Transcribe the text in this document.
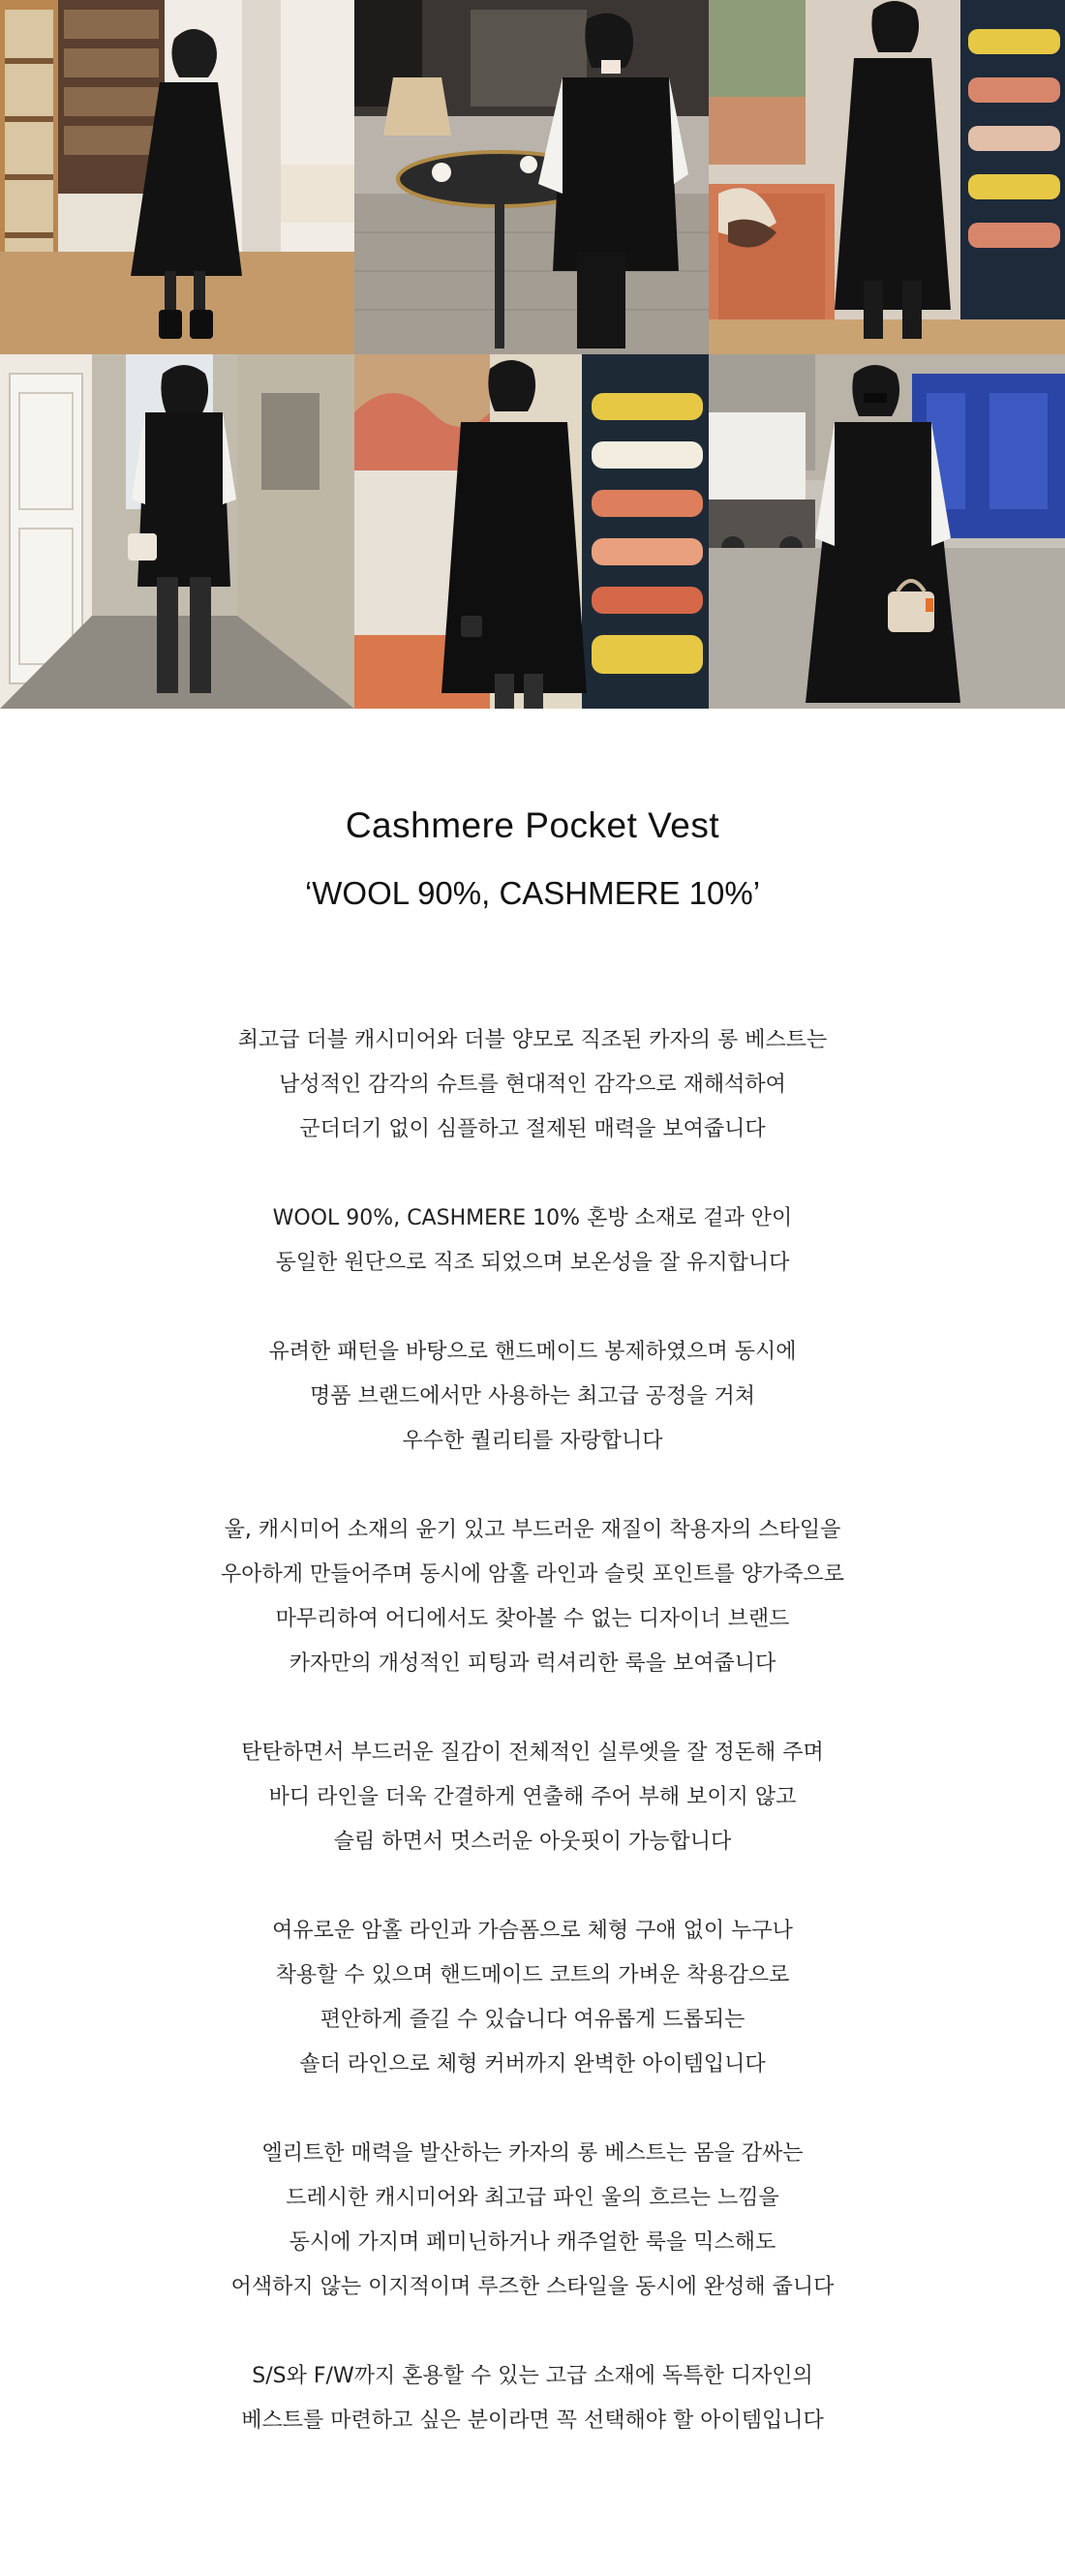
Cashmere Pocket Vest

‘WOOL 90%, CASHMERE 10%’

최고급 더블 캐시미어와 더블 양모로 직조된 카자의 롱 베스트는

남성적인 감각의 슈트를 현대적인 감각으로 재해석하여

군더더기 없이 심플하고 절제된 매력을 보여줍니다

WOOL 90%, CASHMERE 10% 혼방 소재로 겉과 안이

동일한 원단으로 직조 되었으며 보온성을 잘 유지합니다

유려한 패턴을 바탕으로 핸드메이드 봉제하였으며 동시에

명품 브랜드에서만 사용하는 최고급 공정을 거쳐

우수한 퀄리티를 자랑합니다

울, 캐시미어 소재의 윤기 있고 부드러운 재질이 착용자의 스타일을

우아하게 만들어주며 동시에 암홀 라인과 슬릿 포인트를 양가죽으로

마무리하여 어디에서도 찾아볼 수 없는 디자이너 브랜드

카자만의 개성적인 피팅과 럭셔리한 룩을 보여줍니다

탄탄하면서 부드러운 질감이 전체적인 실루엣을 잘 정돈해 주며

바디 라인을 더욱 간결하게 연출해 주어 부해 보이지 않고

슬림 하면서 멋스러운 아웃핏이 가능합니다

여유로운 암홀 라인과 가슴폼으로 체형 구애 없이 누구나

착용할 수 있으며 핸드메이드 코트의 가벼운 착용감으로

편안하게 즐길 수 있습니다 여유롭게 드롭되는

숄더 라인으로 체형 커버까지 완벽한 아이템입니다

엘리트한 매력을 발산하는 카자의 롱 베스트는 몸을 감싸는

드레시한 캐시미어와 최고급 파인 울의 흐르는 느낌을

동시에 가지며 페미닌하거나 캐주얼한 룩을 믹스해도

어색하지 않는 이지적이며 루즈한 스타일을 동시에 완성해 줍니다

S/S와 F/W까지 혼용할 수 있는 고급 소재에 독특한 디자인의

베스트를 마련하고 싶은 분이라면 꼭 선택해야 할 아이템입니다
